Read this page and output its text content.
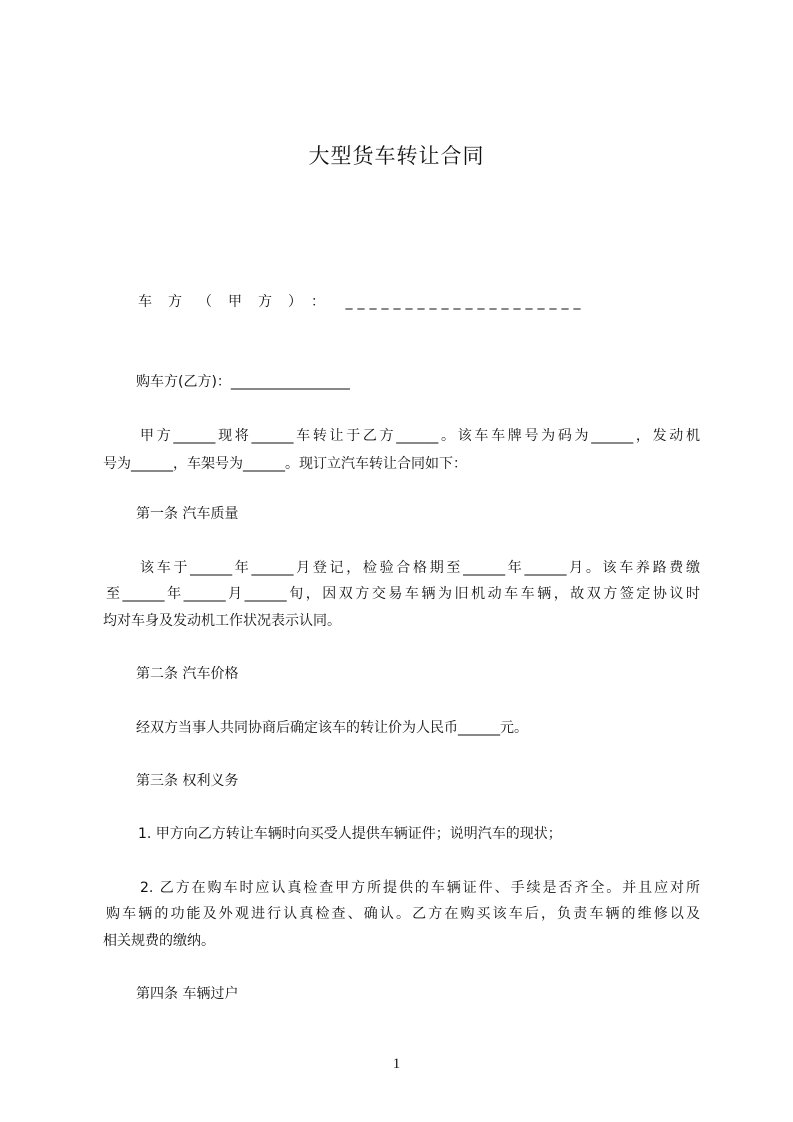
大型货车转让合同
车方（甲方）： ____________________
购车方(乙方)：_________________
甲方______现将______车转让于乙方______。该车车牌号为码为______，发动机
号为______，车架号为______。现订立汽车转让合同如下：
第一条 汽车质量
该车于______年______月登记，检验合格期至______年______月。该车养路费缴
至______年______月______旬，因双方交易车辆为旧机动车车辆，故双方签定协议时
均对车身及发动机工作状况表示认同。
第二条 汽车价格
经双方当事人共同协商后确定该车的转让价为人民币______元。
第三条 权利义务
1. 甲方向乙方转让车辆时向买受人提供车辆证件；说明汽车的现状；
2. 乙方在购车时应认真检查甲方所提供的车辆证件、手续是否齐全。并且应对所
购车辆的功能及外观进行认真检查、确认。乙方在购买该车后，负责车辆的维修以及
相关规费的缴纳。
第四条 车辆过户
1
